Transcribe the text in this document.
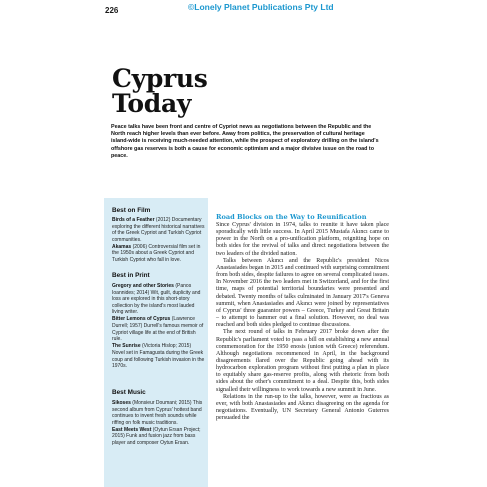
226	©Lonely Planet Publications Pty Ltd
Cyprus
Today
Peace talks have been front and centre of Cypriot news as negotiations between the Republic and the North reach higher levels than ever before. Away from politics, the preservation of cultural heritage island-wide is receiving much-needed attention, while the prospect of exploratory drilling on the island's offshore gas reserves is both a cause for economic optimism and a major divisive issue on the road to peace.
Best on Film
Birds of a Feather (2012) Documentary exploring the different historical narratives of the Greek Cypriot and Turkish Cypriot communities.
Akamas (2006) Controversial film set in the 1950s about a Greek Cypriot and Turkish Cypriot who fall in love.
Best in Print
Gregory and other Stories (Panos Ioannides; 2014) Wit, guilt, duplicity and loss are explored in this short-story collection by the island's most lauded living writer.
Bitter Lemons of Cyprus (Lawrence Durrell; 1957) Durrell's famous memoir of Cypriot village life at the end of British rule.
The Sunrise (Victoria Hislop; 2015) Novel set in Famagusta during the Greek coup and following Turkish invasion in the 1970s.
Best Music
Sikoses (Monsieur Doumani; 2015) This second album from Cyprus' hottest band continues to invent fresh sounds while riffing on folk music traditions.
East Meets West (Oytun Ersan Project; 2015) Funk and fusion jazz from bass player and composer Oytun Ersan.
Road Blocks on the Way to Reunification

Since Cyprus' division in 1974, talks to reunite it have taken place sporadically with little success. In April 2015 Mustafa Akıncı came to power in the North on a pro-unification platform, reigniting hope on both sides for the revival of talks and direct negotiations between the two leaders of the divided nation.

Talks between Akıncı and the Republic's president Nicos Anastasiades began in 2015 and continued with surprising commitment from both sides, despite failures to agree on several complicated issues. In November 2016 the two leaders met in Switzerland, and for the first time, maps of potential territorial boundaries were presented and debated. Twenty months of talks culminated in January 2017's Geneva summit, when Anastasiades and Akıncı were joined by representatives of Cyprus' three guarantor powers – Greece, Turkey and Great Britain – to attempt to hammer out a final solution. However, no deal was reached and both sides pledged to continue discussions.

The next round of talks in February 2017 broke down after the Republic's parliament voted to pass a bill on establishing a new annual commemoration for the 1950 enosis (union with Greece) referendum. Although negotiations recommenced in April, in the background disagreements flared over the Republic going ahead with its hydrocarbon exploration program without first putting a plan in place to equitably share gas-reserve profits, along with rhetoric from both sides about the other's commitment to a deal. Despite this, both sides signalled their willingness to work towards a new summit in June.

Relations in the run-up to the talks, however, were as fractious as ever, with both Anastasiades and Akıncı disagreeing on the agenda for negotiations. Eventually, UN Secretary General Antonio Guterres persuaded the
